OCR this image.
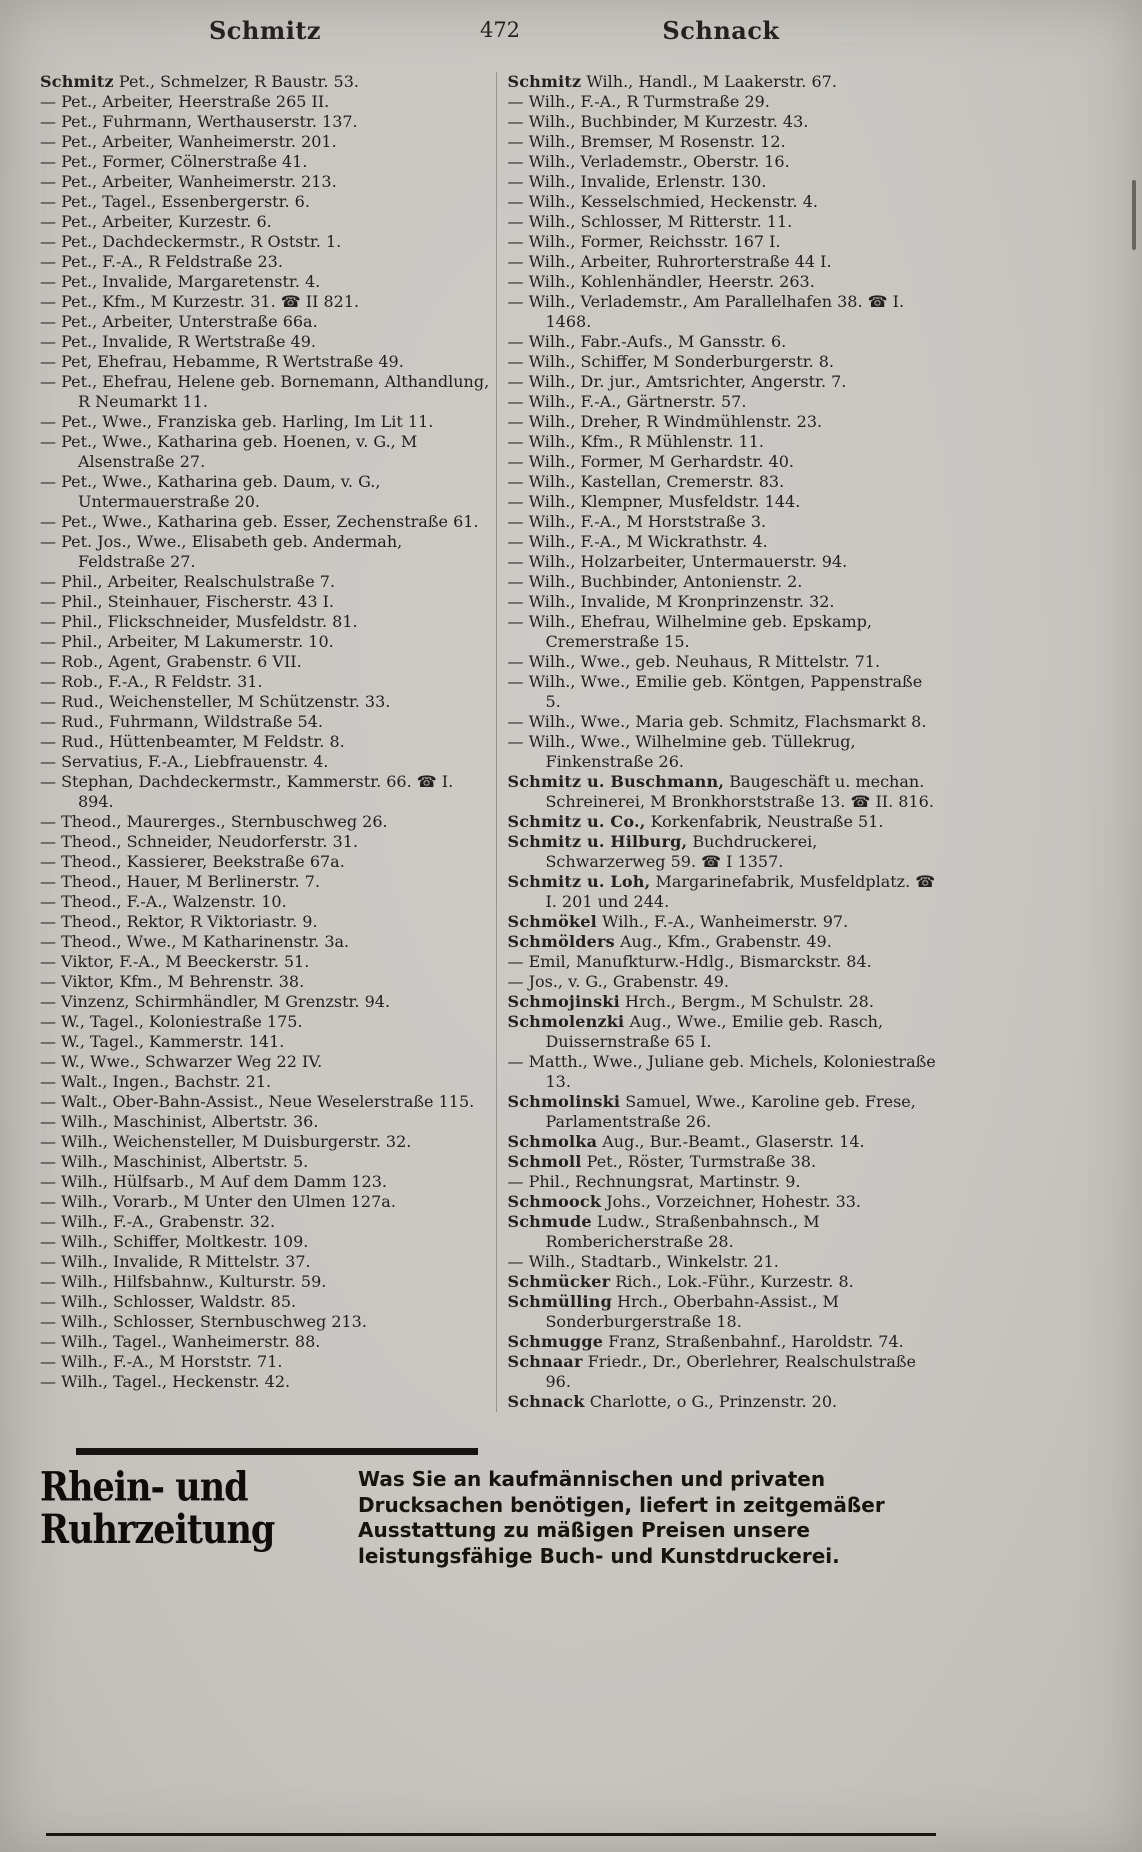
Schmitz	472	Schnack
Schmitz Pet., Schmelzer, R Baustr. 53.
— Pet., Arbeiter, Heerstraße 265 II.
— Pet., Fuhrmann, Werthauserstr. 137.
— Pet., Arbeiter, Wanheimerstr. 201.
— Pet., Former, Cölnerstraße 41.
— Pet., Arbeiter, Wanheimerstr. 213.
— Pet., Tagel., Essenbergerstr. 6.
— Pet., Arbeiter, Kurzestr. 6.
— Pet., Dachdeckermstr., R Oststr. 1.
— Pet., F.-A., R Feldstraße 23.
— Pet., Invalide, Margaretenstr. 4.
— Pet., Kfm., M Kurzestr. 31. ☎ II 821.
— Pet., Arbeiter, Unterstraße 66a.
— Pet., Invalide, R Wertstraße 49.
— Pet, Ehefrau, Hebamme, R Wertstraße 49.
— Pet., Ehefrau, Helene geb. Bornemann, Althandlung, R Neumarkt 11.
— Pet., Wwe., Franziska geb. Harling, Im Lit 11.
— Pet., Wwe., Katharina geb. Hoenen, v. G., M Alsenstraße 27.
— Pet., Wwe., Katharina geb. Daum, v. G., Untermauerstraße 20.
— Pet., Wwe., Katharina geb. Esser, Zechenstraße 61.
— Pet. Jos., Wwe., Elisabeth geb. Andermah, Feldstraße 27.
— Phil., Arbeiter, Realschulstraße 7.
— Phil., Steinhauer, Fischerstr. 43 I.
— Phil., Flickschneider, Musfeldstr. 81.
— Phil., Arbeiter, M Lakumerstr. 10.
— Rob., Agent, Grabenstr. 6 VII.
— Rob., F.-A., R Feldstr. 31.
— Rud., Weichensteller, M Schützenstr. 33.
— Rud., Fuhrmann, Wildstraße 54.
— Rud., Hüttenbeamter, M Feldstr. 8.
— Servatius, F.-A., Liebfrauenstr. 4.
— Stephan, Dachdeckermstr., Kammerstr. 66. ☎ I. 894.
— Theod., Maurerges., Sternbuschweg 26.
— Theod., Schneider, Neudorferstr. 31.
— Theod., Kassierer, Beekstraße 67a.
— Theod., Hauer, M Berlinerstr. 7.
— Theod., F.-A., Walzenstr. 10.
— Theod., Rektor, R Viktoriastr. 9.
— Theod., Wwe., M Katharinenstr. 3a.
— Viktor, F.-A., M Beeckerstr. 51.
— Viktor, Kfm., M Behrenstr. 38.
— Vinzenz, Schirmhändler, M Grenzstr. 94.
— W., Tagel., Koloniestraße 175.
— W., Tagel., Kammerstr. 141.
— W., Wwe., Schwarzer Weg 22 IV.
— Walt., Ingen., Bachstr. 21.
— Walt., Ober-Bahn-Assist., Neue Weselerstraße 115.
— Wilh., Maschinist, Albertstr. 36.
— Wilh., Weichensteller, M Duisburgerstr. 32.
— Wilh., Maschinist, Albertstr. 5.
— Wilh., Hülfsarb., M Auf dem Damm 123.
— Wilh., Vorarb., M Unter den Ulmen 127a.
— Wilh., F.-A., Grabenstr. 32.
— Wilh., Schiffer, Moltkestr. 109.
— Wilh., Invalide, R Mittelstr. 37.
— Wilh., Hilfsbahnw., Kulturstr. 59.
— Wilh., Schlosser, Waldstr. 85.
— Wilh., Schlosser, Sternbuschweg 213.
— Wilh., Tagel., Wanheimerstr. 88.
— Wilh., F.-A., M Horststr. 71.
— Wilh., Tagel., Heckenstr. 42.
Schmitz Wilh., Handl., M Laakerstr. 67.
— Wilh., F.-A., R Turmstraße 29.
— Wilh., Buchbinder, M Kurzestr. 43.
— Wilh., Bremser, M Rosenstr. 12.
— Wilh., Verlademstr., Oberstr. 16.
— Wilh., Invalide, Erlenstr. 130.
— Wilh., Kesselschmied, Heckenstr. 4.
— Wilh., Schlosser, M Ritterstr. 11.
— Wilh., Former, Reichsstr. 167 I.
— Wilh., Arbeiter, Ruhrorterstraße 44 I.
— Wilh., Kohlenhändler, Heerstr. 263.
— Wilh., Verlademstr., Am Parallelhafen 38. ☎ I. 1468.
— Wilh., Fabr.-Aufs., M Gansstr. 6.
— Wilh., Schiffer, M Sonderburgerstr. 8.
— Wilh., Dr. jur., Amtsrichter, Angerstr. 7.
— Wilh., F.-A., Gärtnerstr. 57.
— Wilh., Dreher, R Windmühlenstr. 23.
— Wilh., Kfm., R Mühlenstr. 11.
— Wilh., Former, M Gerhardstr. 40.
— Wilh., Kastellan, Cremerstr. 83.
— Wilh., Klempner, Musfeldstr. 144.
— Wilh., F.-A., M Horststraße 3.
— Wilh., F.-A., M Wickrathstr. 4.
— Wilh., Holzarbeiter, Untermauerstr. 94.
— Wilh., Buchbinder, Antonienstr. 2.
— Wilh., Invalide, M Kronprinzenstr. 32.
— Wilh., Ehefrau, Wilhelmine geb. Epskamp, Cremerstraße 15.
— Wilh., Wwe., geb. Neuhaus, R Mittelstr. 71.
— Wilh., Wwe., Emilie geb. Köntgen, Pappenstraße 5.
— Wilh., Wwe., Maria geb. Schmitz, Flachsmarkt 8.
— Wilh., Wwe., Wilhelmine geb. Tüllekrug, Finkenstraße 26.
Schmitz u. Buschmann, Baugeschäft u. mechan. Schreinerei, M Bronkhorststraße 13. ☎ II. 816.
Schmitz u. Co., Korkenfabrik, Neustraße 51.
Schmitz u. Hilburg, Buchdruckerei, Schwarzerweg 59. ☎ I 1357.
Schmitz u. Loh, Margarinefabrik, Musfeldplatz. ☎ I. 201 und 244.
Schmökel Wilh., F.-A., Wanheimerstr. 97.
Schmölders Aug., Kfm., Grabenstr. 49.
— Emil, Manufkturw.-Hdlg., Bismarckstr. 84.
— Jos., v. G., Grabenstr. 49.
Schmojinski Hrch., Bergm., M Schulstr. 28.
Schmolenzki Aug., Wwe., Emilie geb. Rasch, Duissernstraße 65 I.
— Matth., Wwe., Juliane geb. Michels, Koloniestraße 13.
Schmolinski Samuel, Wwe., Karoline geb. Frese, Parlamentstraße 26.
Schmolka Aug., Bur.-Beamt., Glaserstr. 14.
Schmoll Pet., Röster, Turmstraße 38.
— Phil., Rechnungsrat, Martinstr. 9.
Schmoock Johs., Vorzeichner, Hohestr. 33.
Schmude Ludw., Straßenbahnsch., M Rombericherstraße 28.
— Wilh., Stadtarb., Winkelstr. 21.
Schmücker Rich., Lok.-Führ., Kurzestr. 8.
Schmülling Hrch., Oberbahn-Assist., M Sonderburgerstraße 18.
Schmugge Franz, Straßenbahnf., Haroldstr. 74.
Schnaar Friedr., Dr., Oberlehrer, Realschulstraße 96.
Schnack Charlotte, o G., Prinzenstr. 20.
Rhein- und Ruhrzeitung
Was Sie an kaufmännischen und privaten Drucksachen benötigen, liefert in zeitgemäßer Ausstattung zu mäßigen Preisen unsere leistungsfähige Buch- und Kunstdruckerei.
